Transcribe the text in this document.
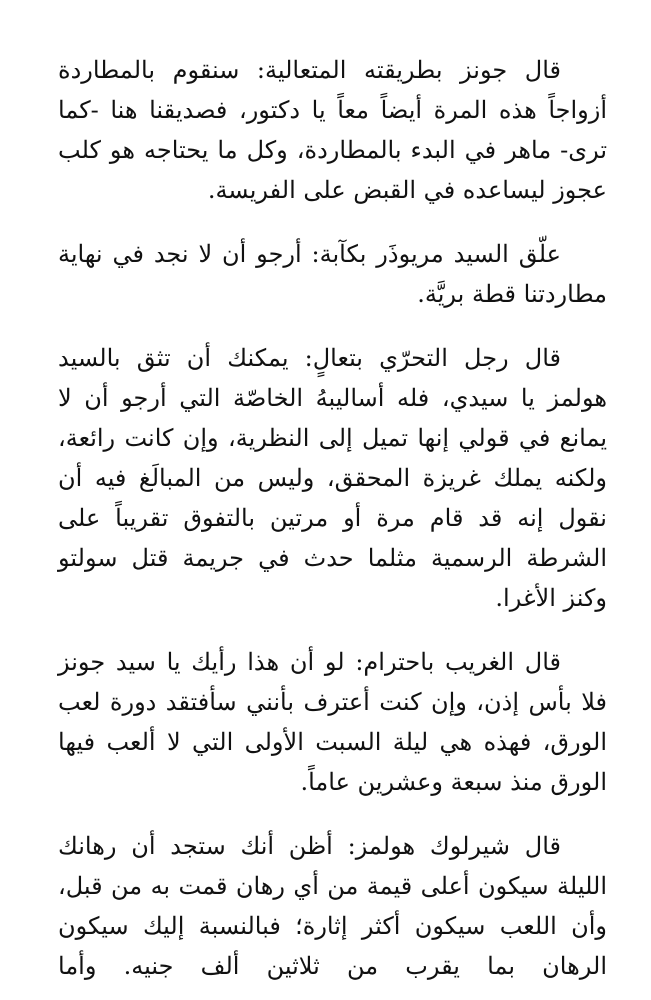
قال جونز بطريقته المتعالية: سنقوم بالمطاردة أزواجاً هذه المرة أيضاً معاً يا دكتور، فصديقنا هنا -كما ترى- ماهر في البدء بالمطاردة، وكل ما يحتاجه هو كلب عجوز ليساعده في القبض على الفريسة.

علّق السيد مريوذَر بكآبة: أرجو أن لا نجد في نهاية مطاردتنا قطة بريَّة.

قال رجل التحرّي بتعالٍ: يمكنك أن تثق بالسيد هولمز يا سيدي، فله أساليبهُ الخاصّة التي أرجو أن لا يمانع في قولي إنها تميل إلى النظرية، وإن كانت رائعة، ولكنه يملك غريزة المحقق، وليس من المبالَغ فيه أن نقول إنه قد قام مرة أو مرتين بالتفوق تقريباً على الشرطة الرسمية مثلما حدث في جريمة قتل سولتو وكنز الأغرا.

قال الغريب باحترام: لو أن هذا رأيك يا سيد جونز فلا بأس إذن، وإن كنت أعترف بأنني سأفتقد دورة لعب الورق، فهذه هي ليلة السبت الأولى التي لا ألعب فيها الورق منذ سبعة وعشرين عاماً.

قال شيرلوك هولمز: أظن أنك ستجد أن رهانك الليلة سيكون أعلى قيمة من أي رهان قمت به من قبل، وأن اللعب سيكون أكثر إثارة؛ فبالنسبة إليك سيكون الرهان بما يقرب من ثلاثين ألف جنيه. وأما
